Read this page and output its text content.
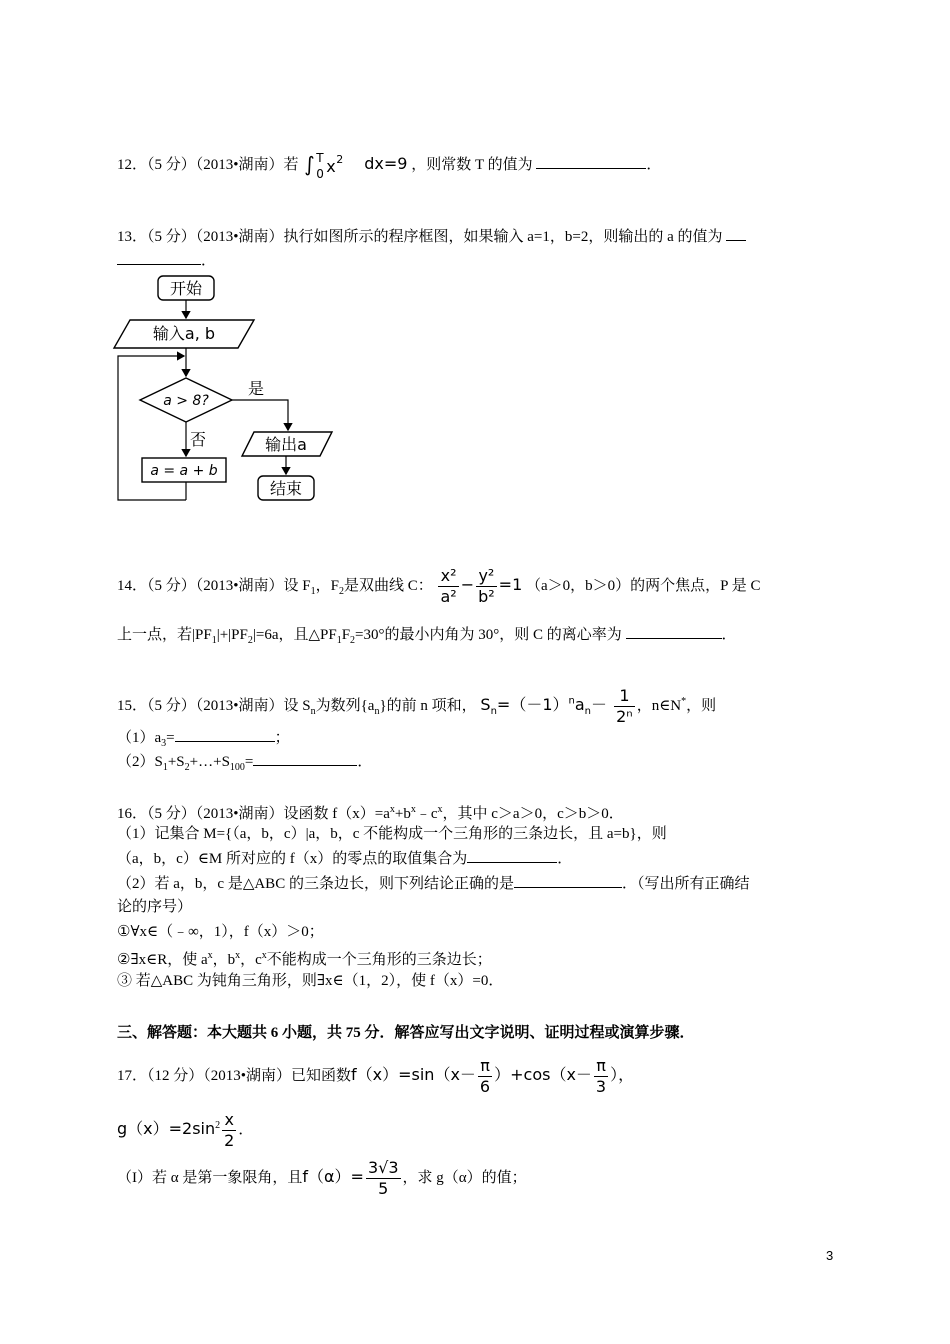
12．（5 分）（2013•湖南）若 ∫ T
0 x 2 dx=9 ，则常数 T 的值为	．
13．（5 分）（2013•湖南）执行如图所示的程序框图，如果输入 a=1，b=2，则输出的 a 的值为
．
开始
输入a, b
a > 8?
是
否
a = a + b
输出a
结束
14．（5 分）（2013•湖南）设 $F_1$，$F_2$是双曲线 C： $\frac{\text{x²}}{\text{a²}} - \frac{\text{y²}}{\text{b²}} =1$ （a＞0，b＞0）的两个焦点，P 是 C
上一点，若$|PF_1|+|PF_2|=6a$，且$\triangle PF_1F_2=30^\circ$的最小内角为 30°，则 C 的离心率为	．
15．（5 分）（2013•湖南）设 $S_n$为数列$\{a_n\}$的前 n 项和， $S_n=(-1)^na_n- \frac{1}{\text{2ⁿ}}$ ，n∈N*，则
$(1)a_3=$	；
$(2)S_1+S_2+\dots+S_{100}=$	．
16．（5 分）（2013•湖南）设函数 $f(x)=a^x+b^x﹣c^x$，其中 c＞a＞0，c＞b＞0．
（1）记集合 M={（a，b，c）|a，b，c 不能构成一个三角形的三条边长，且 a=b}，则
（a，b，c）∈M 所对应的 f（x）的零点的取值集合为	．
（2）若 a，b，c 是△ABC 的三条边长，则下列结论正确的是	．（写出所有正确结
论的序号）
①∀x∈（﹣∞，1），f（x）＞0；
②∃x∈R，使 $a^x$，$b^x$，$c^x$不能构成一个三角形的三条边长；
③ 若△ABC 为钝角三角形，则∃x∈（1，2），使 f（x）=0．
三、解答题：本大题共 6 小题，共 75 分．解答应写出文字说明、证明过程或演算步骤．
17．（12 分）（2013•湖南）已知函数$f(x)=\sin(x- \frac{\pi}{6} )+\cos(x- \frac{\pi}{3}$ ），
$g(x)=2\sin^2 \frac{x}{2}$ ．
（I）若 α 是第一象限角，且$f(\alpha)= \frac{3√3}{5}$ ，求 g（α）的值；
3
